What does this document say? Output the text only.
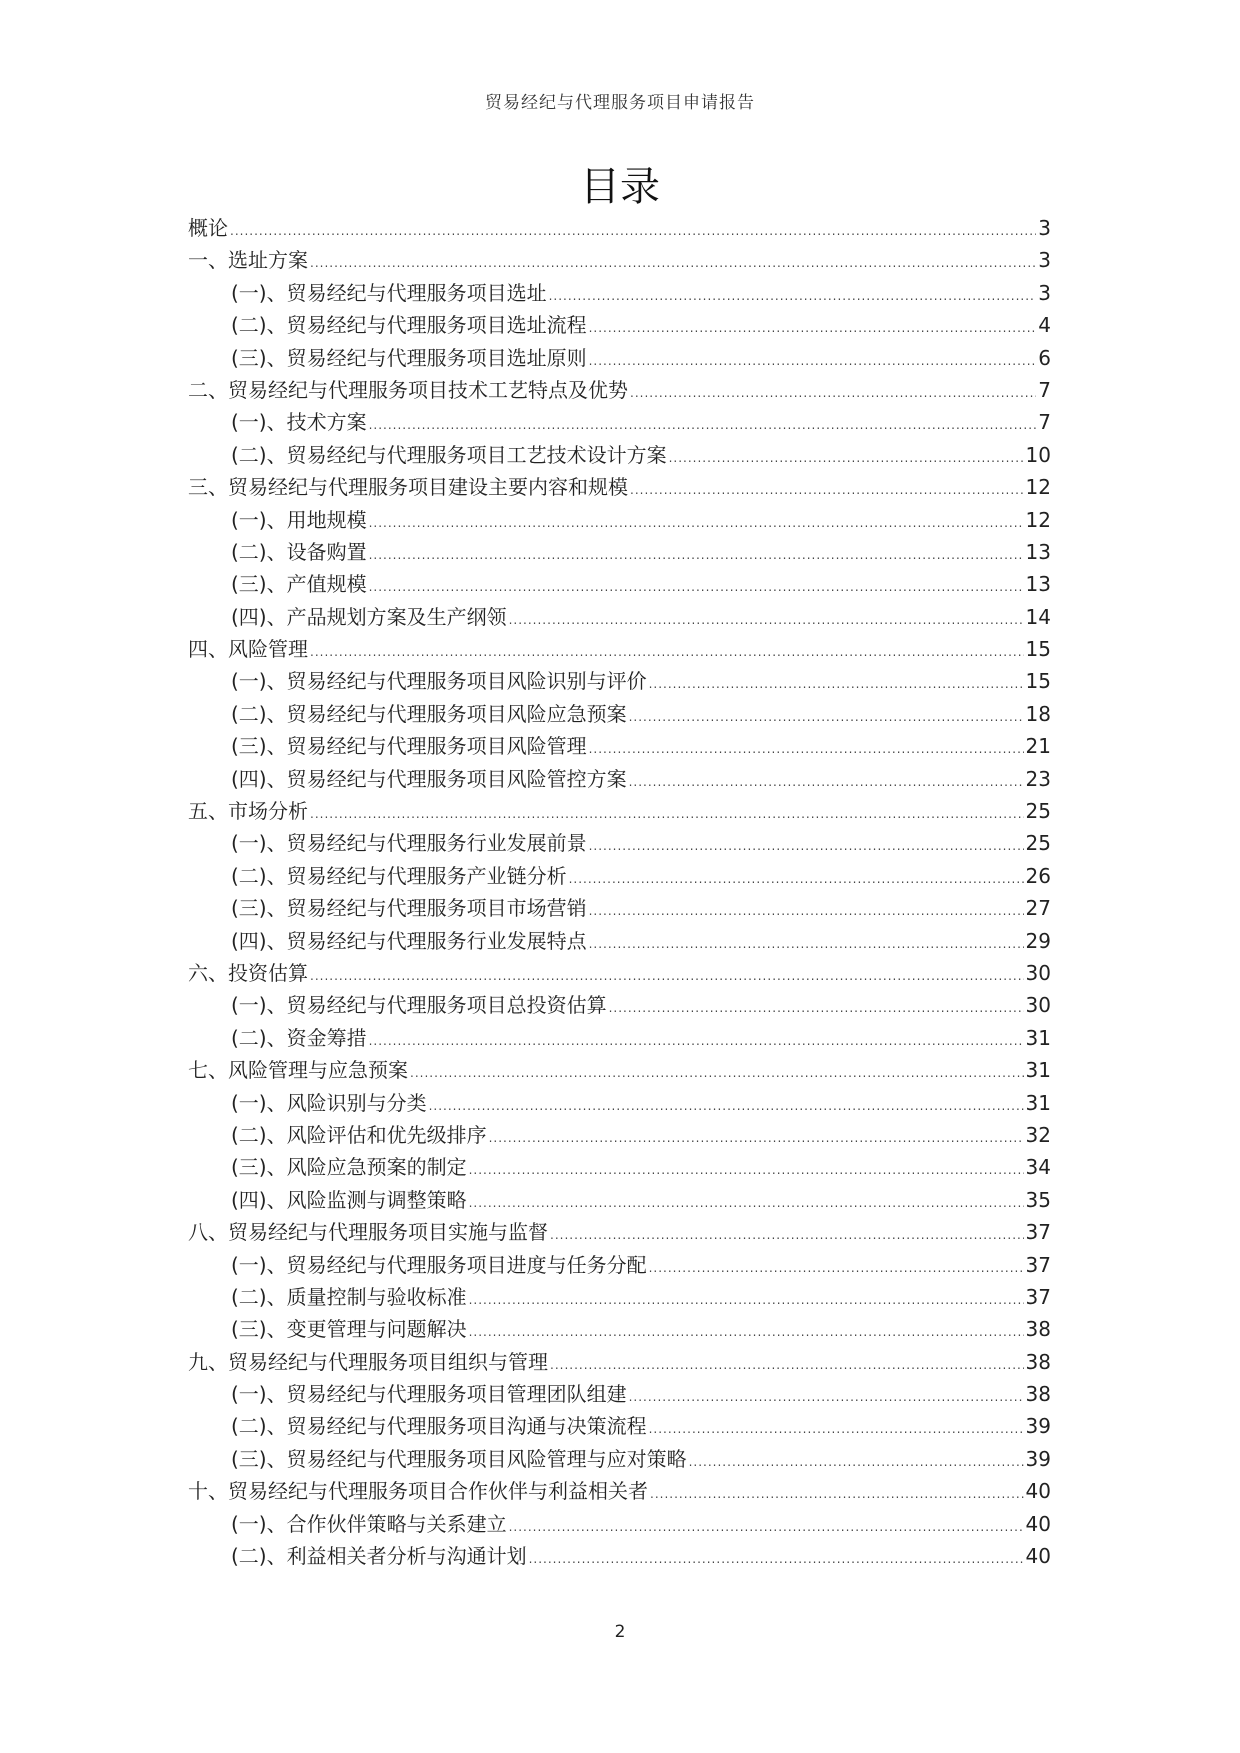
贸易经纪与代理服务项目申请报告
目录
概论 .....	3
一、选址方案 .....	3
(一)、贸易经纪与代理服务项目选址 .....	3
(二)、贸易经纪与代理服务项目选址流程 .....	4
(三)、贸易经纪与代理服务项目选址原则 .....	6
二、贸易经纪与代理服务项目技术工艺特点及优势 .....	7
(一)、技术方案 .....	7
(二)、贸易经纪与代理服务项目工艺技术设计方案 .....	10
三、贸易经纪与代理服务项目建设主要内容和规模 .....	12
(一)、用地规模 .....	12
(二)、设备购置 .....	13
(三)、产值规模 .....	13
(四)、产品规划方案及生产纲领 .....	14
四、风险管理 .....	15
(一)、贸易经纪与代理服务项目风险识别与评价 .....	15
(二)、贸易经纪与代理服务项目风险应急预案 .....	18
(三)、贸易经纪与代理服务项目风险管理 .....	21
(四)、贸易经纪与代理服务项目风险管控方案 .....	23
五、市场分析 .....	25
(一)、贸易经纪与代理服务行业发展前景 .....	25
(二)、贸易经纪与代理服务产业链分析 .....	26
(三)、贸易经纪与代理服务项目市场营销 .....	27
(四)、贸易经纪与代理服务行业发展特点 .....	29
六、投资估算 .....	30
(一)、贸易经纪与代理服务项目总投资估算 .....	30
(二)、资金筹措 .....	31
七、风险管理与应急预案 .....	31
(一)、风险识别与分类 .....	31
(二)、风险评估和优先级排序 .....	32
(三)、风险应急预案的制定 .....	34
(四)、风险监测与调整策略 .....	35
八、贸易经纪与代理服务项目实施与监督 .....	37
(一)、贸易经纪与代理服务项目进度与任务分配 .....	37
(二)、质量控制与验收标准 .....	37
(三)、变更管理与问题解决 .....	38
九、贸易经纪与代理服务项目组织与管理 .....	38
(一)、贸易经纪与代理服务项目管理团队组建 .....	38
(二)、贸易经纪与代理服务项目沟通与决策流程 .....	39
(三)、贸易经纪与代理服务项目风险管理与应对策略 .....	39
十、贸易经纪与代理服务项目合作伙伴与利益相关者 .....	40
(一)、合作伙伴策略与关系建立 .....	40
(二)、利益相关者分析与沟通计划 .....	40
2
